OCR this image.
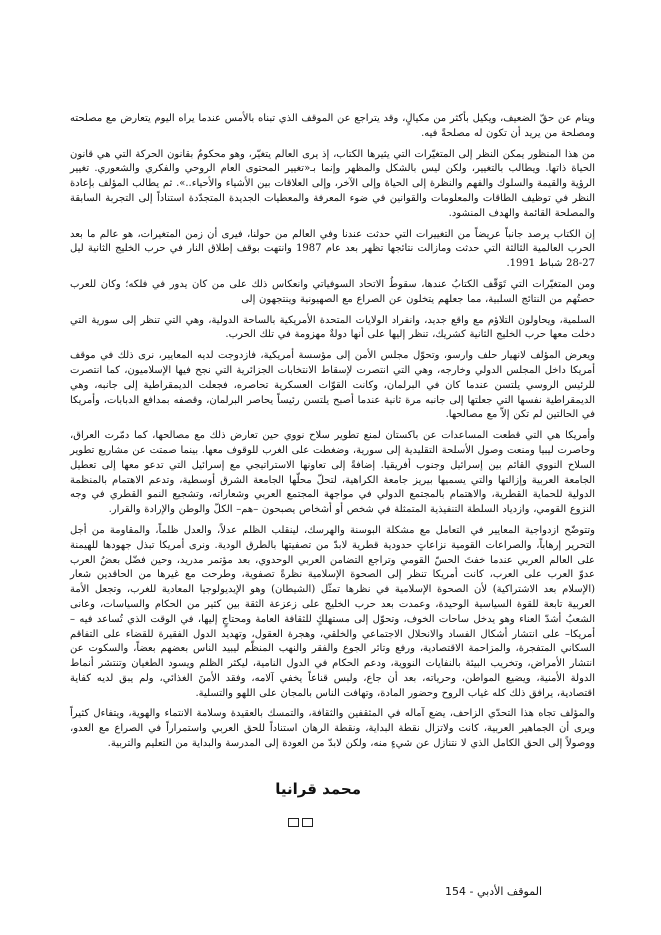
وينام عن حقّ الضعيف، ويكيل بأكثر من مكيالٍ، وقد يتراجع عن الموقف الذي تبناه بالأمس عندما يراه اليوم يتعارض مع مصلحته ومصلحة من يريد أن تكون له مصلحةً فيه.

من هذا المنظور يمكن النظر إلى المتغيّرات التي يثيرها الكتاب، إذ يرى العالم يتغيّر، وهو محكومٌ بقانون الحركة التي هي قانون الحياة ذاتها. ويطالب بالتغيير، ولكن ليس بالشكل والمظهر وإنما بـ«تغيير المحتوى العام الروحي والفكري والشعوري. تغيير الرؤية والقيمة والسلوك والفهم والنظرة إلى الحياة وإلى الآخر، وإلى العلاقات بين الأشياء والأحياء..». ثم يطالب المؤلف بإعادة النظر في توظيف الطاقات والمعلومات والقوانين في ضوء المعرفة والمعطيات الجديدة المتجدّدة استناداً إلى التجربة السابقة والمصلحة القائمة والهدف المنشود.

إن الكتاب يرصد جانباً عريضاً من التغييرات التي حدثت عندنا وفي العالم من حولنا، فيرى أن زمن المتغيرات، هو عالم ما بعد الحرب العالمية الثالثة التي حدثت ومازالت نتائجها تظهر بعد عام 1987 وانتهت بوقف إطلاق النار في حرب الخليج الثانية ليل 27-28 شباط 1991.

ومن المتغيّرات التي تَوَقّف الكتابُ عندها، سقوطُ الاتحاد السوفياتي وانعكاس ذلك على من كان يدور في فلكه؛ وكان للعرب حصتُهم من النتائج السلبية، مما جعلهم يتخلون عن الصراع مع الصهيونية وينتجهون إلى

السلمية، ويحاولون التلاؤم مع واقع جديد، وانفراد الولايات المتحدة الأمريكية بالساحة الدولية، وهي التي تنظر إلى سورية التي دخلت معها حرب الخليج الثانية كشريك، تنظر إليها على أنها دولةٌ مهزومة في تلك الحرب.

ويعرض المؤلف لانهيار حلف وارسو، وتحوّل مجلس الأمن إلى مؤسسة أمريكية، فازدوجت لديه المعايير، نرى ذلك في موقف أمريكا داخل المجلس الدولي وخارجه، وهي التي انتصرت لإسقاط الانتخابات الجزائرية التي نجح فيها الإسلاميون، كما انتصرت للرئيس الروسي يلتسن عندما كان في البرلمان، وكانت القوّات العسكرية تحاصره، فجعلت الديمقراطية إلى جانبه، وهي الديمقراطية نفسها التي جعلتها إلى جانبه مرة ثانية عندما أصبح يلتسن رئيساً يحاصر البرلمان، وقصفه بمدافع الدبابات، وأمريكا في الحالتين لم تكن إلاّ مع مصالحها.

وأمريكا هي التي قطعت المساعدات عن باكستان لمنع تطوير سلاح نووي حين تعارض ذلك مع مصالحها، كما دمّرت العراق، وحاصرت ليبيا ومنعت وصول الأسلحة التقليدية إلى سورية، وضغطت على الغرب للوقوف معها. بينما صمتت عن مشاريع تطوير السلاح النووي القائم بين إسرائيل وجنوب أفريقيا. إضافةً إلى تعاونها الاستراتيجي مع إسرائيل التي تدعو معها إلى تعطيل الجامعة العربية وإزالتها والتي يسميها بيريز جامعة الكراهية، لتحلّ محلّها الجامعة الشرق أوسطية، وتدعم الاهتمام بالمنظمة الدولية للحماية القطرية، والاهتمام بالمجتمع الدولي في مواجهة المجتمع العربي وشعاراته، وتشجيع النمو القطري في وجه النزوع القومي، وازدياد السلطة التنفيذية المتمثلة في شخص أو أشخاص يصبحون –هم– الكلّ والوطن والإرادة والقرار.

وتتوضّح ازدواجية المعايير في التعامل مع مشكلة البوسنة والهرسك، لينقلب الظلم عدلاً، والعدل ظلماً، والمقاومة من أجل التحرير إرهاباً، والصراعات القومية نزاعاتٍ حدودية قطرية لابدّ من تصفيتها بالطرق الودية. ونرى أمريكا تبذل جهودها للهيمنة على العالم العربي عندما خفتَ الحسّ القومي وتراجع التضامن العربي الوحدوي، بعد مؤتمر مدريد، وحين فضّل بعضُ العرب عدوّ العرب على العرب، كانت أمريكا تنظر إلى الصحوة الإسلامية نظرةً تصفوية، وطرحت مع غيرها من الحاقدين شعار (الإسلام بعد الاشتراكية) لأن الصحوة الإسلامية في نظرها تمثّل (الشيطان) وهو الإيديولوجيا المعادية للغرب، وتجعل الأمة العربية تابعة للقوة السياسية الوحيدة، وعمدت بعد حرب الخليج على زعزعة الثقة بين كثير من الحكام والسياسات، وعانى الشعبُ أشدّ العناء وهو يدخل ساحات الخوف، وتحوّل إلى مستهلكٍ للثقافة العامة ومحتاجٍ إليها، في الوقت الذي تُساعد فيه –أمريكا– على انتشار أشكال الفساد والانحلال الاجتماعي والخلقي، وهجرة العقول، وتهديد الدول الفقيرة للقضاء على التفاقم السكاني المتفجرة، والمزاحمة الاقتصادية، ورفع وتائر الجوع والفقر والنهب المنظّم ليبيد الناس بعضهم بعضاً، والسكوت عن انتشار الأمراض، وتخريب البيئة بالنفايات النووية، ودعم الحكام في الدول النامية، ليكثر الظلم ويسود الطغيان وتنتشر أنماط الدولة الأمنية، ويضيع المواطن، وحرياته، بعد أن جاع، ولبس قناعاً يخفي آلامه، وفقد الأمنَ الغذائي، ولم يبق لديه كفاية اقتصادية، يرافق ذلك كله غياب الروح وحضور المادة، وتهافت الناس بالمجان على اللهو والتسلية.

والمؤلف تجاه هذا التحدّي الزاحف، يضع آماله في المثقفين والثقافة، والتمسك بالعقيدة وسلامة الانتماء والهوية، ويتفاءل كثيراً ويرى أن الجماهير العربية، كانت ولاتزال نقطة البداية، ونقطة الرهان استناداً للحق العربي واستمراراً في الصراع مع العدو، ووصولاً إلى الحق الكامل الذي لا نتنازل عن شيءٍ منه، ولكن لابدّ من العودة إلى المدرسة والبداية من التعليم والتربية.

محمد قرانيا
الموقف الأدبي - 154
